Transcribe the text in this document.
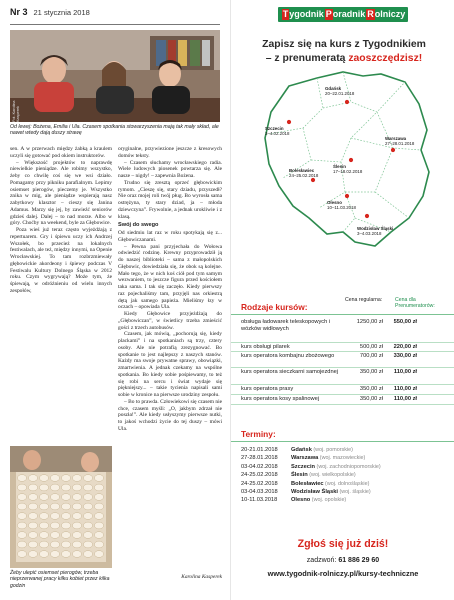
Nr 3 21 stycznia 2018
Fot. Karolina Kasperek
Od lewej: Bożena, Emilia i Ula. Czasem spotkania stowarzyszenia mają tak mały skład, ale nawet wtedy dają duszy strawę

sen. A w przerwach między żabką a kraulem uczyli się gotować pod okiem instruktorów.

– Większość projektów to naprawdę niewielkie pieniądze. Ale robimy wszystko, żeby co chwilę coś się we wsi działo. Pomagamy przy pikniku parafialnym. Lepimy osiemset pierogów, pieczemy je. Wszystko znika w mig, ale pieniądze wspierają nasz zabytkowy klasztor – cieszy się Janina Adamus. Marzy się jej, by zawieźć seniorów gdzieś dalej. Dalej – to nad morze. Albo w góry. Choćby na weekend, byle za Głębowice.

Poza wieś już teraz często wyjeżdżają z repertuarem. Gry i śpiewu uczy ich Andrzej Wszołek, bo przecież na lokalnych festiwalach, ale też, między innymi, na Openie Wrocławskiej. To tam rozbrzmiewały głębowickie akordeony i śpiewy podczas V Festiwalu Kultury Dolnego Śląska w 2012 roku. Czym wygrywają? Może tym, że śpiewają, w odróżnieniu od wielu innych zespołów,

oryginalne, przywiezione jeszcze z kresowych domów teksty.

– Czasem słuchamy wrocławskiego radia. Wiele ludowych piosenek powtarza się. Ale nasze – nigdy! – zapewnia Bożena.

Trudno się zresztą oprzeć głębowickim rymom. „Cieszę się, stary dziadu, przyszedł? Nie oraz mojej roli twój pług. Bo wyrosła sama ostrężyna, ty stary dziad, ja – młoda dziewczyna”. Frywolnie, a jednak urokliwie i z klasą.

Swój do swego

Od siedmiu lat raz w roku spotykają się z... Głębowiczanami.

– Pewna pani przyjechała do Wołowa odwiedzić rodzinę. Krewny przyprowadził ją do naszej biblioteki – sama z małopolskich Głębowic, dowiedziała się, że obok są kolejne. Mało tego, że w nich koś ciół pod tym samym wezwaniem, to jeszcze figura przed kościołem taka sama. I tak się zaczęło. Kiedy pierwszy raz pojechaliśmy tam, przyjęli nas orkiestrą dętą jak samego papieża. Mieliśmy łzy w oczach – opowiada Ula.

Kiedy Głębowice przyjeżdżają do „Głębowiczan”, w świetlicy trzeba zmieścić gości z trzech autobusów.

Czasem, jak mówią, „pochorują się, kiedy plackami” i na spotkaniach są trzy, cztery osoby. Ale nie potrafią zrezygnować. Bo spotkanie to jest najlepszy z naszych stanów. Każdy ma swoje prywatne sprawy, obowiązki, zmartwienia. A jednak czekamy na wspólne spotkania. Bo kiedy sobie pośpiewamy, to też się robi na sercu i świat wydaje się piękniejszy... – takie tycienia napisali sami sobie w kronice na pierwsze urodziny zespołu.

– Bo to prawda. Człowiekowi się czasem nie chce, czasem myśli: „O, jakbym zdrzał nie poszła!”. Ale kiedy usłyszymy pierwsze nutki, to jakoś wchodzi życie do tej duszy – mówi Ula.

Karolina Kasperek
Żeby ulepić osiemset pierogów, trzeba nieprzerwanej pracy kilku kobiet przez kilka godzin
T ygodnik P oradnik R olniczy
Zapisz się na kurs z Tygodnikiem
– z prenumeratą zaoszczędzisz!
Gdańsk
20–22.01.2018
Szczecin
3–4.02.2018
Warszawa
27–28.01.2018
Ślesin
17–18.02.2018
Bolesławiec
24–25.02.2018
Olesno
10–11.03.2018
Wodzisław Śląski
3–4.03.2018
Rodzaje kursów:
Cena regularna:	Cena dla Prenumeratorów:
obsługa ładowarek teleskopowych i wózków widłowych
1250,00 zł	550,00 zł
kurs obsługi pilarek	500,00 zł	220,00 zł
kurs operatora kombajnu zbożowego	700,00 zł	330,00 zł
kurs operatora sieczkarni samojezdnej	350,00 zł	110,00 zł
kurs operatora prasy	350,00 zł	110,00 zł
kurs operatora kosy spalinowej	350,00 zł	110,00 zł
Terminy:
20-21.01.2018 Gdańsk (woj. pomorskie)
27-28.01.2018 Warszawa (woj. mazowieckie)
03-04.02.2018 Szczecin (woj. zachodniopomorskie)
24-25.02.2018 Ślesin (woj. wielkopolskie)
24-25.02.2018 Bolesławiec (woj. dolnośląskie)
03-04.03.2018 Wodzisław Śląski (woj. śląskie)
10-11.03.2018 Olesno (woj. opolskie)
Zgłoś się już dziś!
zadzwoń: 61 886 29 60
www.tygodnik-rolniczy.pl/kursy-techniczne
